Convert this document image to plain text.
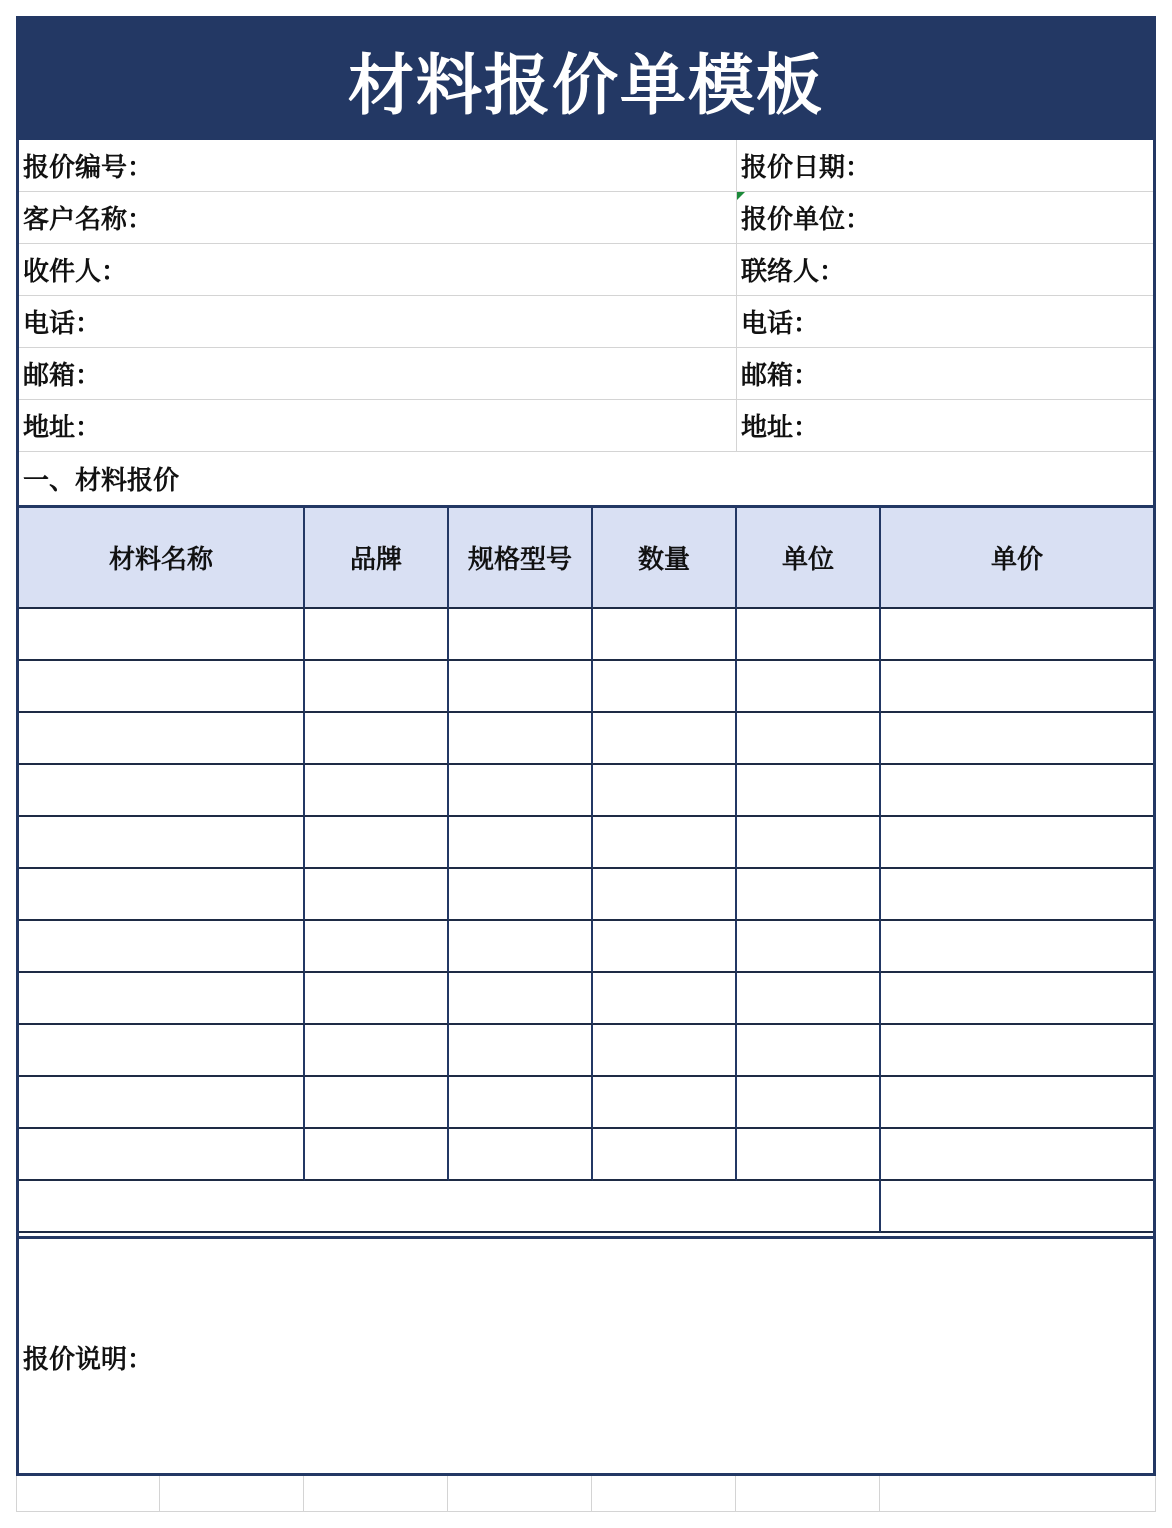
材料报价单模板
报价编号：	报价日期：
客户名称：	报价单位：
收件人：	联络人：
电话：	电话：
邮箱：	邮箱：
地址：	地址：
一、材料报价
材料名称	品牌	规格型号	数量	单位	单价
报价说明：
